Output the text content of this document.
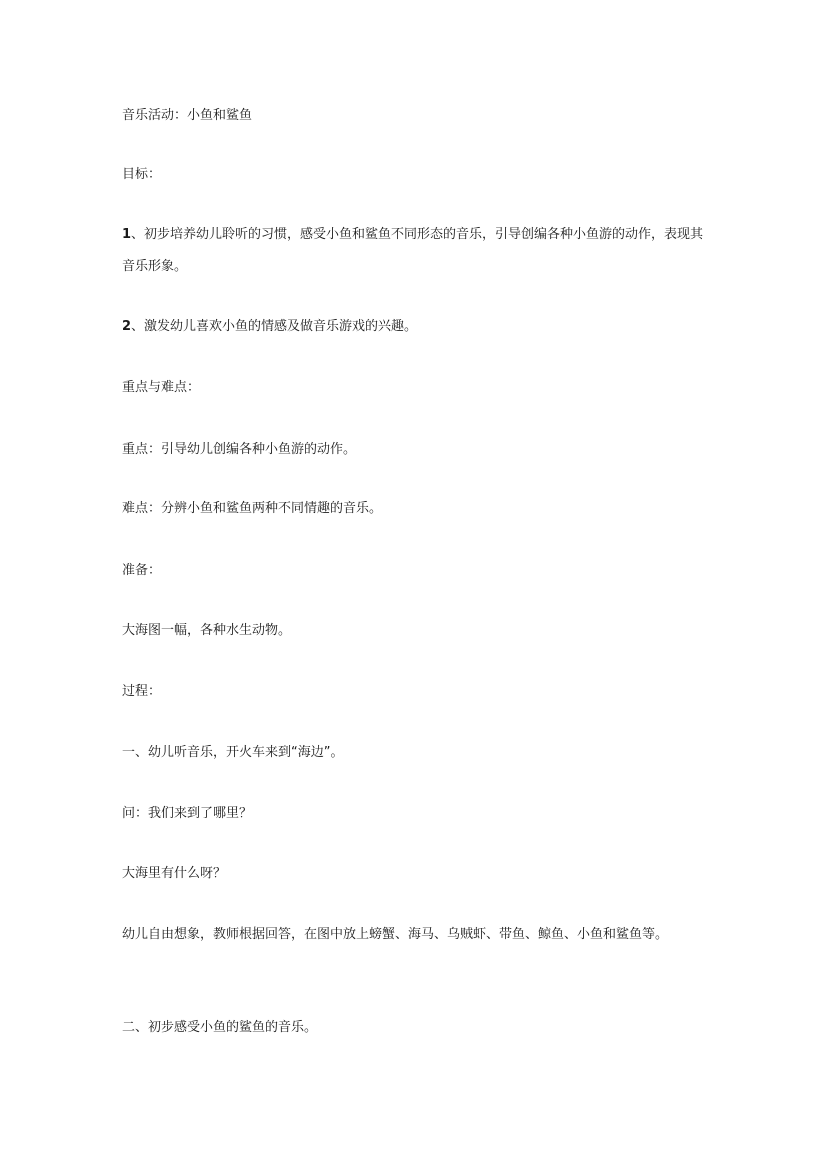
音乐活动：小鱼和鲨鱼

目标：

1、初步培养幼儿聆听的习惯，感受小鱼和鲨鱼不同形态的音乐，引导创编各种小鱼游的动作，表现其音乐形象。

2、激发幼儿喜欢小鱼的情感及做音乐游戏的兴趣。

重点与难点：

重点：引导幼儿创编各种小鱼游的动作。

难点：分辨小鱼和鲨鱼两种不同情趣的音乐。

准备：

大海图一幅，各种水生动物。

过程：

一、幼儿听音乐，开火车来到“海边”。

问：我们来到了哪里？

大海里有什么呀？

幼儿自由想象，教师根据回答，在图中放上螃蟹、海马、乌贼虾、带鱼、鲸鱼、小鱼和鲨鱼等。

二、初步感受小鱼的鲨鱼的音乐。
